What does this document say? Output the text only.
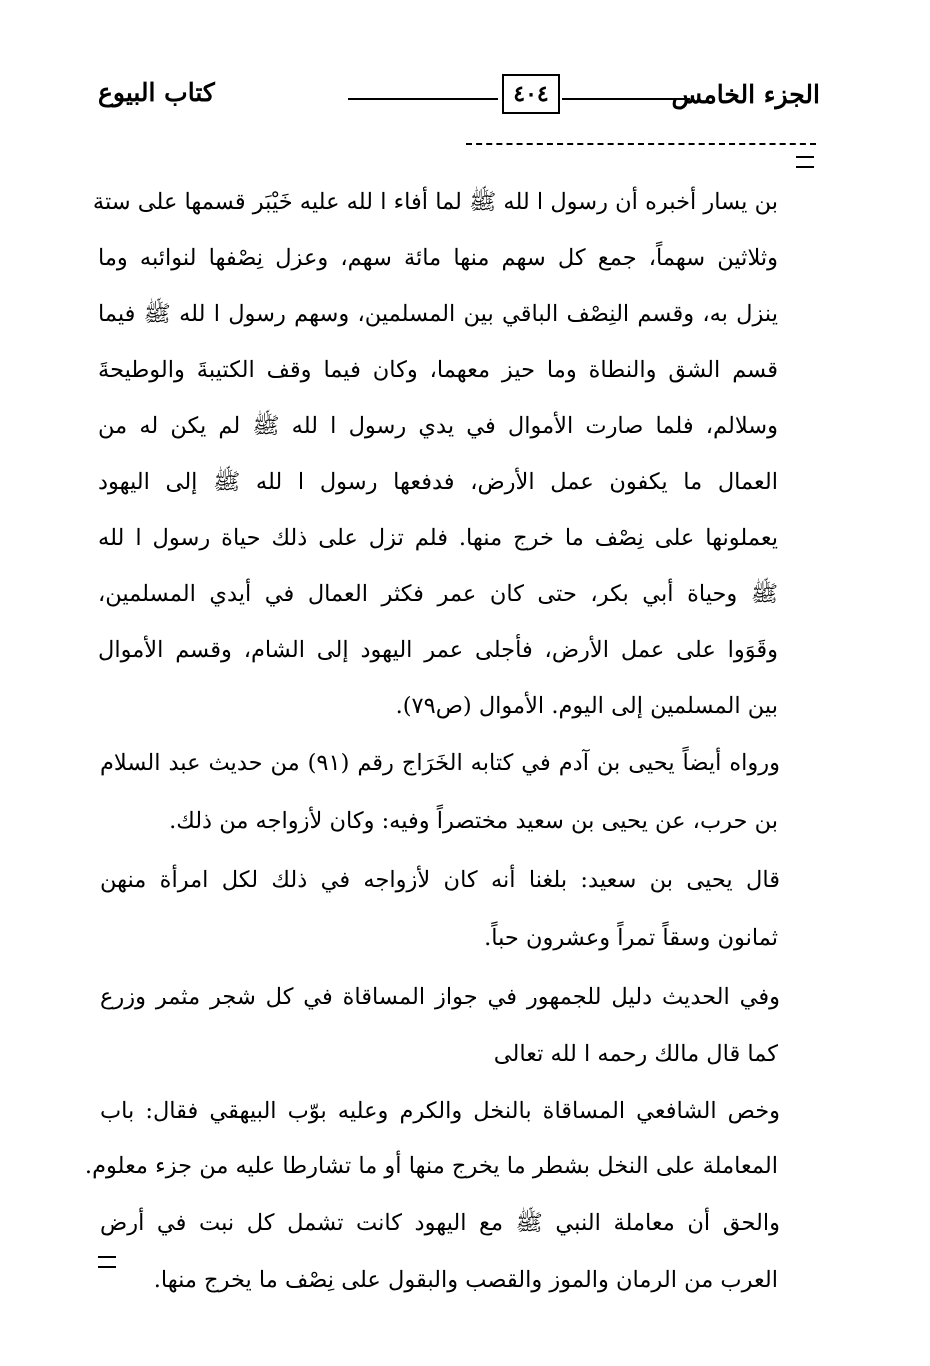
الجزء الخامس
٤٠٤
كتاب البيوع
بن يسار أخبره أن رسول ا لله ﷺ لما أفاء ا لله عليه خَيْبَر قسمها على ستة
وثلاثين سهماً، جمع كل سهم منها مائة سهم، وعزل نِصْفها لنوائبه وما
ينزل به، وقسم النِصْف الباقي بين المسلمين، وسهم رسول ا لله ﷺ فيما
قسم الشق والنطاة وما حيز معهما، وكان فيما وقف الكتيبةَ والوطيحةَ
وسلالم، فلما صارت الأموال في يدي رسول ا لله ﷺ لم يكن له من
العمال ما يكفون عمل الأرض، فدفعها رسول ا لله ﷺ إلى اليهود
يعملونها على نِصْف ما خرج منها. فلم تزل على ذلك حياة رسول ا لله
ﷺ وحياة أبي بكر، حتى كان عمر فكثر العمال في أيدي المسلمين،
وقَوَوا على عمل الأرض، فأجلى عمر اليهود إلى الشام، وقسم الأموال
بين المسلمين إلى اليوم. الأموال (ص٧٩).
ورواه أيضاً يحيى بن آدم في كتابه الخَرَاج رقم (٩١) من حديث عبد السلام
بن حرب، عن يحيى بن سعيد مختصراً وفيه: وكان لأزواجه من ذلك.
قال يحيى بن سعيد: بلغنا أنه كان لأزواجه في ذلك لكل امرأة منهن
ثمانون وسقاً تمراً وعشرون حباً.
وفي الحديث دليل للجمهور في جواز المساقاة في كل شجر مثمر وزرع
كما قال مالك رحمه ا لله تعالى
وخص الشافعي المساقاة بالنخل والكرم وعليه بوّب البيهقي فقال: باب
المعاملة على النخل بشطر ما يخرج منها أو ما تشارطا عليه من جزء معلوم.
والحق أن معاملة النبي ﷺ مع اليهود كانت تشمل كل نبت في أرض
العرب من الرمان والموز والقصب والبقول على نِصْف ما يخرج منها.
